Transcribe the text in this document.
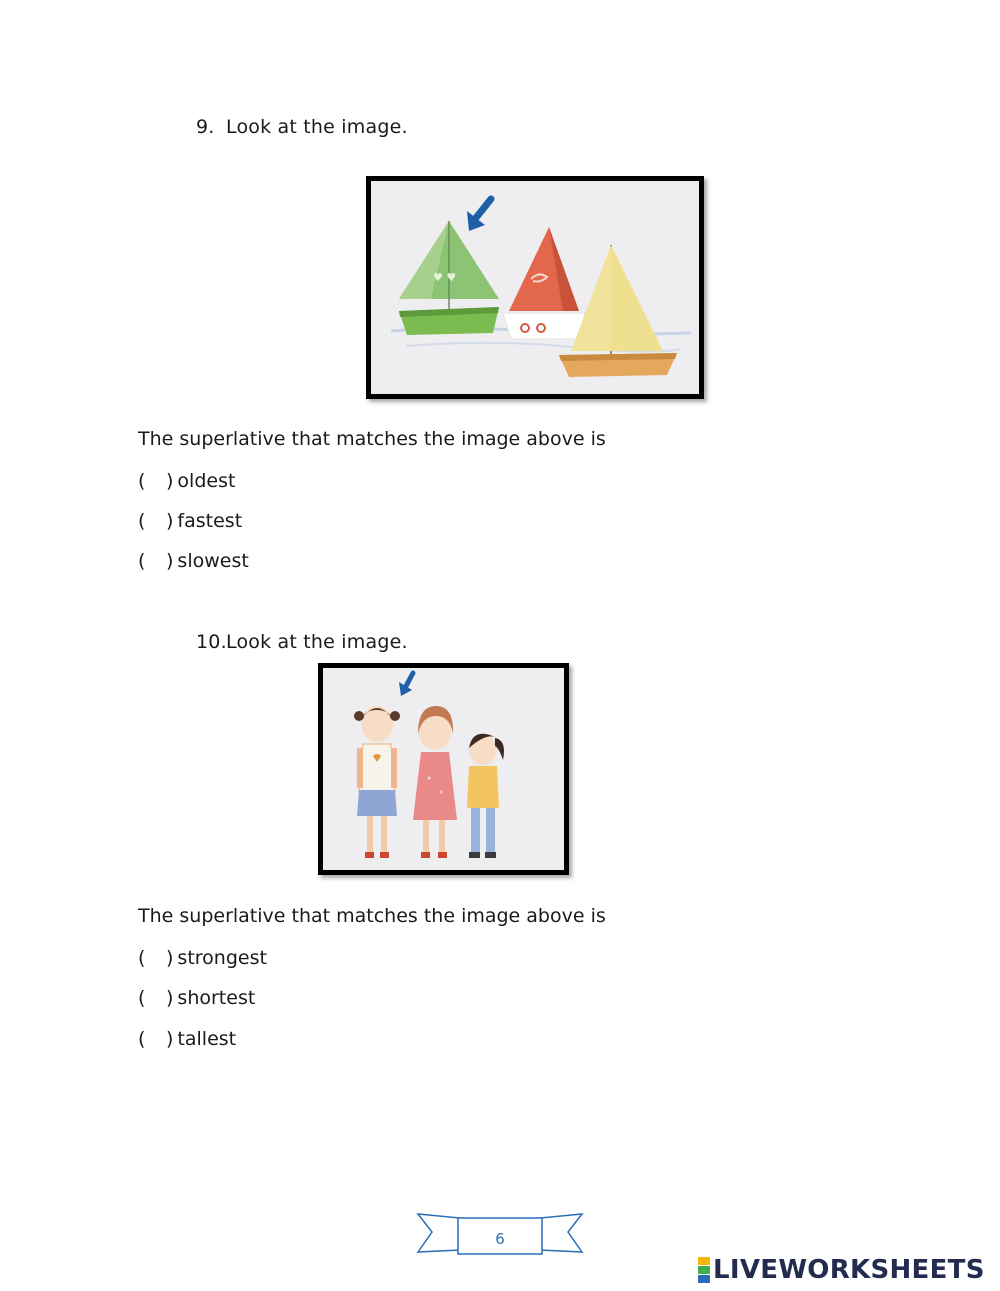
9. Look at the image.
♥ ♥
The superlative that matches the image above is
(	) oldest
(	) fastest
(	) slowest
10.Look at the image.
The superlative that matches the image above is
(	) strongest
(	) shortest
(	) tallest
6
LIVEWORKSHEETS
